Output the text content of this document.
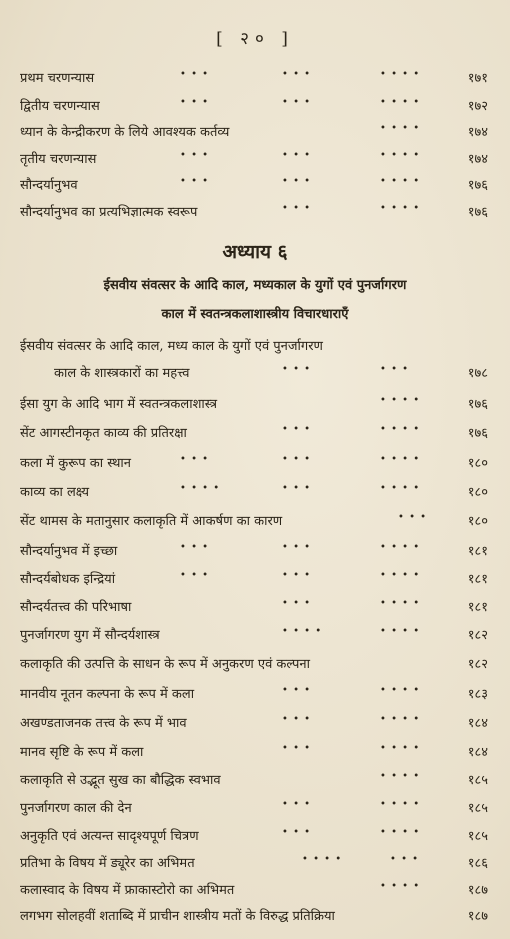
[ २० ]
प्रथम चरणन्यास	• • •	• • •	• • • •	१७१
द्वितीय चरणन्यास	• • •	• • •	• • • •	१७२
ध्यान के केन्द्रीकरण के लिये आवश्यक कर्तव्य	• • • •	१७४
तृतीय चरणन्यास	• • •	• • •	• • • •	१७४
सौन्दर्यानुभव	• • •	• • •	• • • •	१७६
सौन्दर्यानुभव का प्रत्यभिज्ञात्मक स्वरूप	• • •	• • • •	१७६
अध्याय ६
ईसवीय संवत्सर के आदि काल, मध्यकाल के युगों एवं पुनर्जागरण
काल में स्वतन्त्रकलाशास्त्रीय विचारधाराएँ
ईसवीय संवत्सर के आदि काल, मध्य काल के युगों एवं पुनर्जागरण
काल के शास्त्रकारों का महत्त्व	• • •	• • •	१७८
ईसा युग के आदि भाग में स्वतन्त्रकलाशास्त्र	• • • •	१७६
सेंट आगस्टीनकृत काव्य की प्रतिरक्षा	• • •	• • • •	१७६
कला में कुरूप का स्थान	• • •	• • •	• • • •	१८०
काव्य का लक्ष्य	• • • •	• • •	• • • •	१८०
सेंट थामस के मतानुसार कलाकृति में आकर्षण का कारण	• • •	१८०
सौन्दर्यानुभव में इच्छा	• • •	• • •	• • • •	१८१
सौन्दर्यबोधक इन्द्रियां	• • •	• • •	• • • •	१८१
सौन्दर्यतत्त्व की परिभाषा	• • •	• • • •	१८१
पुनर्जागरण युग में सौन्दर्यशास्त्र	• • • •	• • • •	१८२
कलाकृति की उत्पत्ति के साधन के रूप में अनुकरण एवं कल्पना	१८२
मानवीय नूतन कल्पना के रूप में कला	• • •	• • • •	१८३
अखण्डताजनक तत्त्व के रूप में भाव	• • •	• • • •	१८४
मानव सृष्टि के रूप में कला	• • •	• • • •	१८४
कलाकृति से उद्भूत सुख का बौद्धिक स्वभाव	• • • •	१८५
पुनर्जागरण काल की देन	• • •	• • • •	१८५
अनुकृति एवं अत्यन्त सादृश्यपूर्ण चित्रण	• • •	• • • •	१८५
प्रतिभा के विषय में ड्यूरेर का अभिमत	• • • •	• • •	१८६
कलास्वाद के विषय में फ्राकास्टोरो का अभिमत	• • • •	१८७
लगभग सोलहवीं शताब्दि में प्राचीन शास्त्रीय मतों के विरुद्ध प्रतिक्रिया	१८७
